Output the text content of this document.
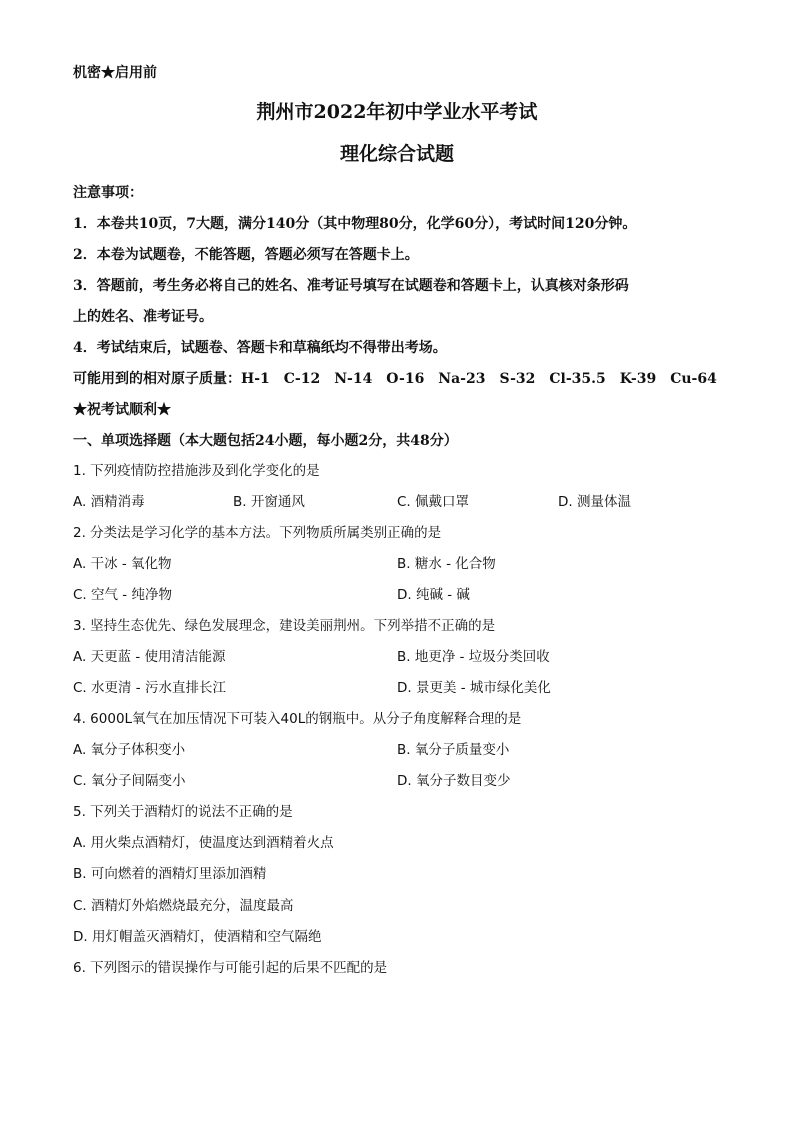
机密★启用前
荆州市2022年初中学业水平考试
理化综合试题
注意事项：
1．本卷共10页，7大题，满分140分（其中物理80分，化学60分），考试时间120分钟。
2．本卷为试题卷，不能答题，答题必须写在答题卡上。
3．答题前，考生务必将自己的姓名、准考证号填写在试题卷和答题卡上，认真核对条形码
上的姓名、准考证号。
4．考试结束后，试题卷、答题卡和草稿纸均不得带出考场。
可能用到的相对原子质量：H-1　C-12　N-14　O-16　Na-23　S-32　Cl-35.5　K-39　Cu-64
★祝考试顺利★
一、单项选择题（本大题包括24小题，每小题2分，共48分）
1. 下列疫情防控措施涉及到化学变化的是
A. 酒精消毒	B. 开窗通风	C. 佩戴口罩	D. 测量体温
2. 分类法是学习化学的基本方法。下列物质所属类别正确的是
A. 干冰 - 氧化物	B. 糖水 - 化合物
C. 空气 - 纯净物	D. 纯碱 - 碱
3. 坚持生态优先、绿色发展理念，建设美丽荆州。下列举措不正确的是
A. 天更蓝 - 使用清洁能源	B. 地更净 - 垃圾分类回收
C. 水更清 - 污水直排长江	D. 景更美 - 城市绿化美化
4. 6000L氧气在加压情况下可装入40L的钢瓶中。从分子角度解释合理的是
A. 氧分子体积变小	B. 氧分子质量变小
C. 氧分子间隔变小	D. 氧分子数目变少
5. 下列关于酒精灯的说法不正确的是
A. 用火柴点酒精灯，使温度达到酒精着火点
B. 可向燃着的酒精灯里添加酒精
C. 酒精灯外焰燃烧最充分，温度最高
D. 用灯帽盖灭酒精灯，使酒精和空气隔绝
6. 下列图示的错误操作与可能引起的后果不匹配的是
